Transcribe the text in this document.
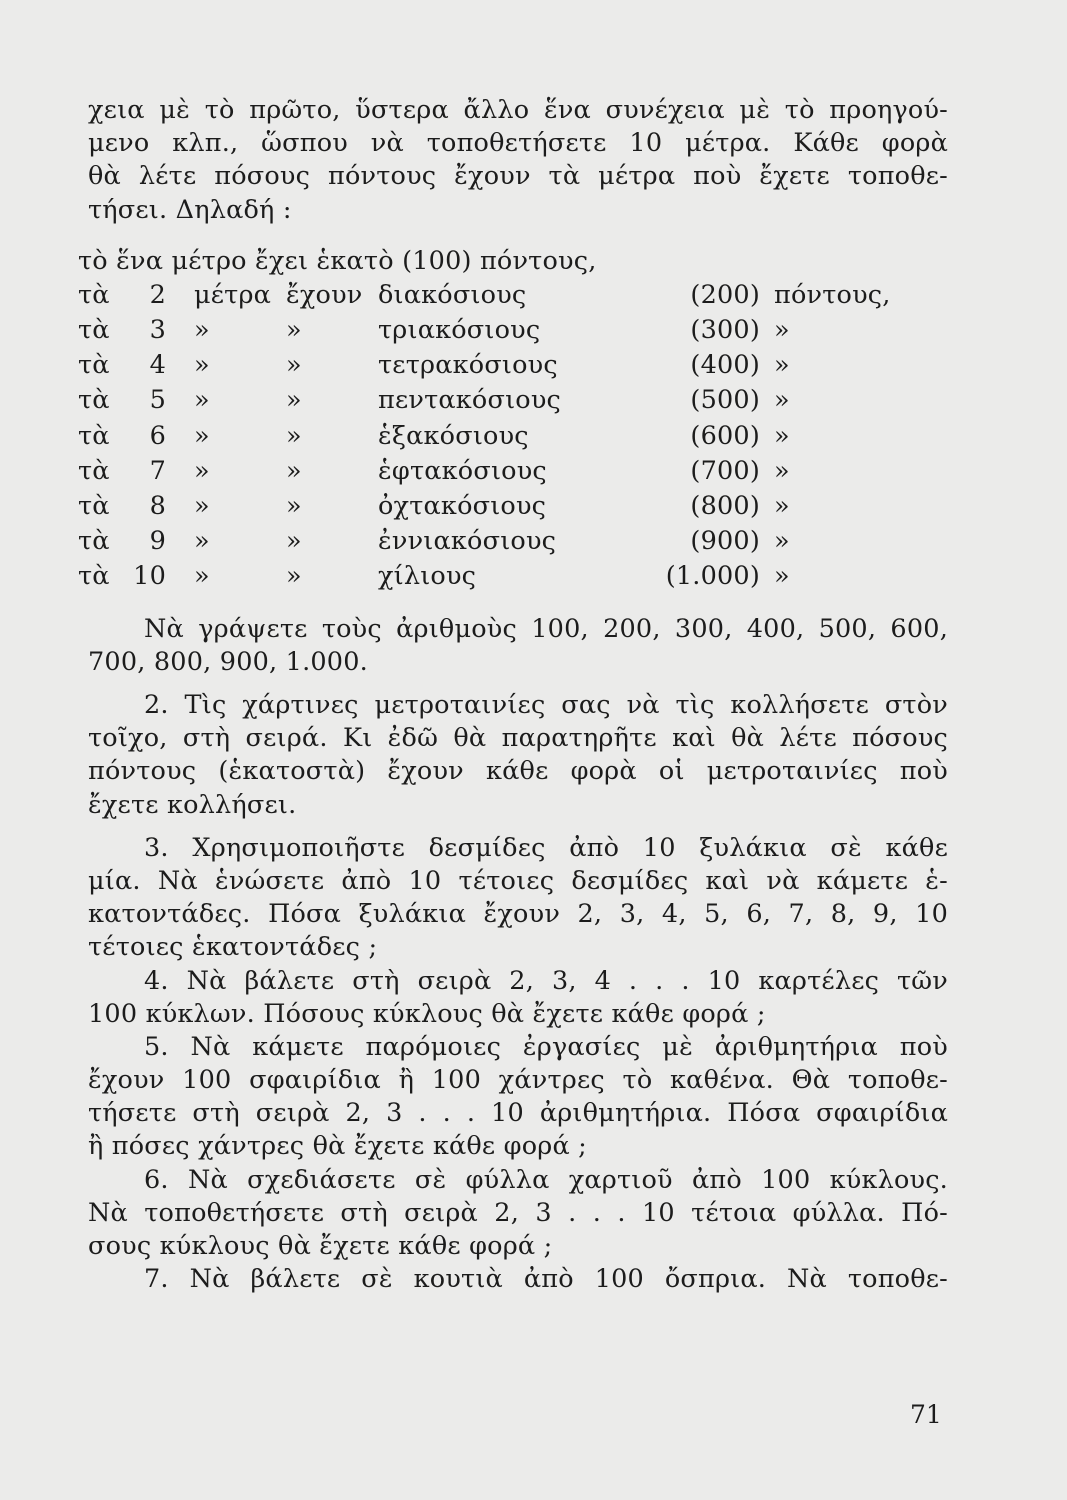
χεια μὲ τὸ πρῶτο, ὕστερα ἄλλο ἕνα συνέχεια μὲ τὸ προηγού-
μενο κλπ., ὥσπου νὰ τοποθετήσετε 10 μέτρα. Κάθε φορὰ
θὰ λέτε πόσους πόντους ἔχουν τὰ μέτρα ποὺ ἔχετε τοποθε-
τήσει. Δηλαδή :
τὸ ἕνα μέτρο ἔχει ἑκατὸ (100) πόντους,
τὰ	2	μέτρα	ἔχουν	διακόσιους	(200)	πόντους,
τὰ	3	»	»	τριακόσιους	(300)	»
τὰ	4	»	»	τετρακόσιους	(400)	»
τὰ	5	»	»	πεντακόσιους	(500)	»
τὰ	6	»	»	ἑξακόσιους	(600)	»
τὰ	7	»	»	ἑφτακόσιους	(700)	»
τὰ	8	»	»	ὀχτακόσιους	(800)	»
τὰ	9	»	»	ἐννιακόσιους	(900)	»
τὰ	10	»	»	χίλιους	(1.000)	»
Νὰ γράψετε τοὺς ἀριθμοὺς 100, 200, 300, 400, 500, 600,
700, 800, 900, 1.000.
2. Τὶς χάρτινες μετροταινίες σας νὰ τὶς κολλήσετε στὸν
τοῖχο, στὴ σειρά. Κι ἐδῶ θὰ παρατηρῆτε καὶ θὰ λέτε πόσους
πόντους (ἑκατοστὰ) ἔχουν κάθε φορὰ οἱ μετροταινίες ποὺ
ἔχετε κολλήσει.
3. Χρησιμοποιῆστε δεσμίδες ἀπὸ 10 ξυλάκια σὲ κάθε
μία. Νὰ ἑνώσετε ἀπὸ 10 τέτοιες δεσμίδες καὶ νὰ κάμετε ἑ-
κατοντάδες. Πόσα ξυλάκια ἔχουν 2, 3, 4, 5, 6, 7, 8, 9, 10
τέτοιες ἑκατοντάδες ;
4. Νὰ βάλετε στὴ σειρὰ 2, 3, 4 . . . 10 καρτέλες τῶν
100 κύκλων. Πόσους κύκλους θὰ ἔχετε κάθε φορά ;
5. Νὰ κάμετε παρόμοιες ἐργασίες μὲ ἀριθμητήρια ποὺ
ἔχουν 100 σφαιρίδια ἢ 100 χάντρες τὸ καθένα. Θὰ τοποθε-
τήσετε στὴ σειρὰ 2, 3 . . . 10 ἀριθμητήρια. Πόσα σφαιρίδια
ἢ πόσες χάντρες θὰ ἔχετε κάθε φορά ;
6. Νὰ σχεδιάσετε σὲ φύλλα χαρτιοῦ ἀπὸ 100 κύκλους.
Νὰ τοποθετήσετε στὴ σειρὰ 2, 3 . . . 10 τέτοια φύλλα. Πό-
σους κύκλους θὰ ἔχετε κάθε φορά ;
7. Νὰ βάλετε σὲ κουτιὰ ἀπὸ 100 ὄσπρια. Νὰ τοποθε-
71
